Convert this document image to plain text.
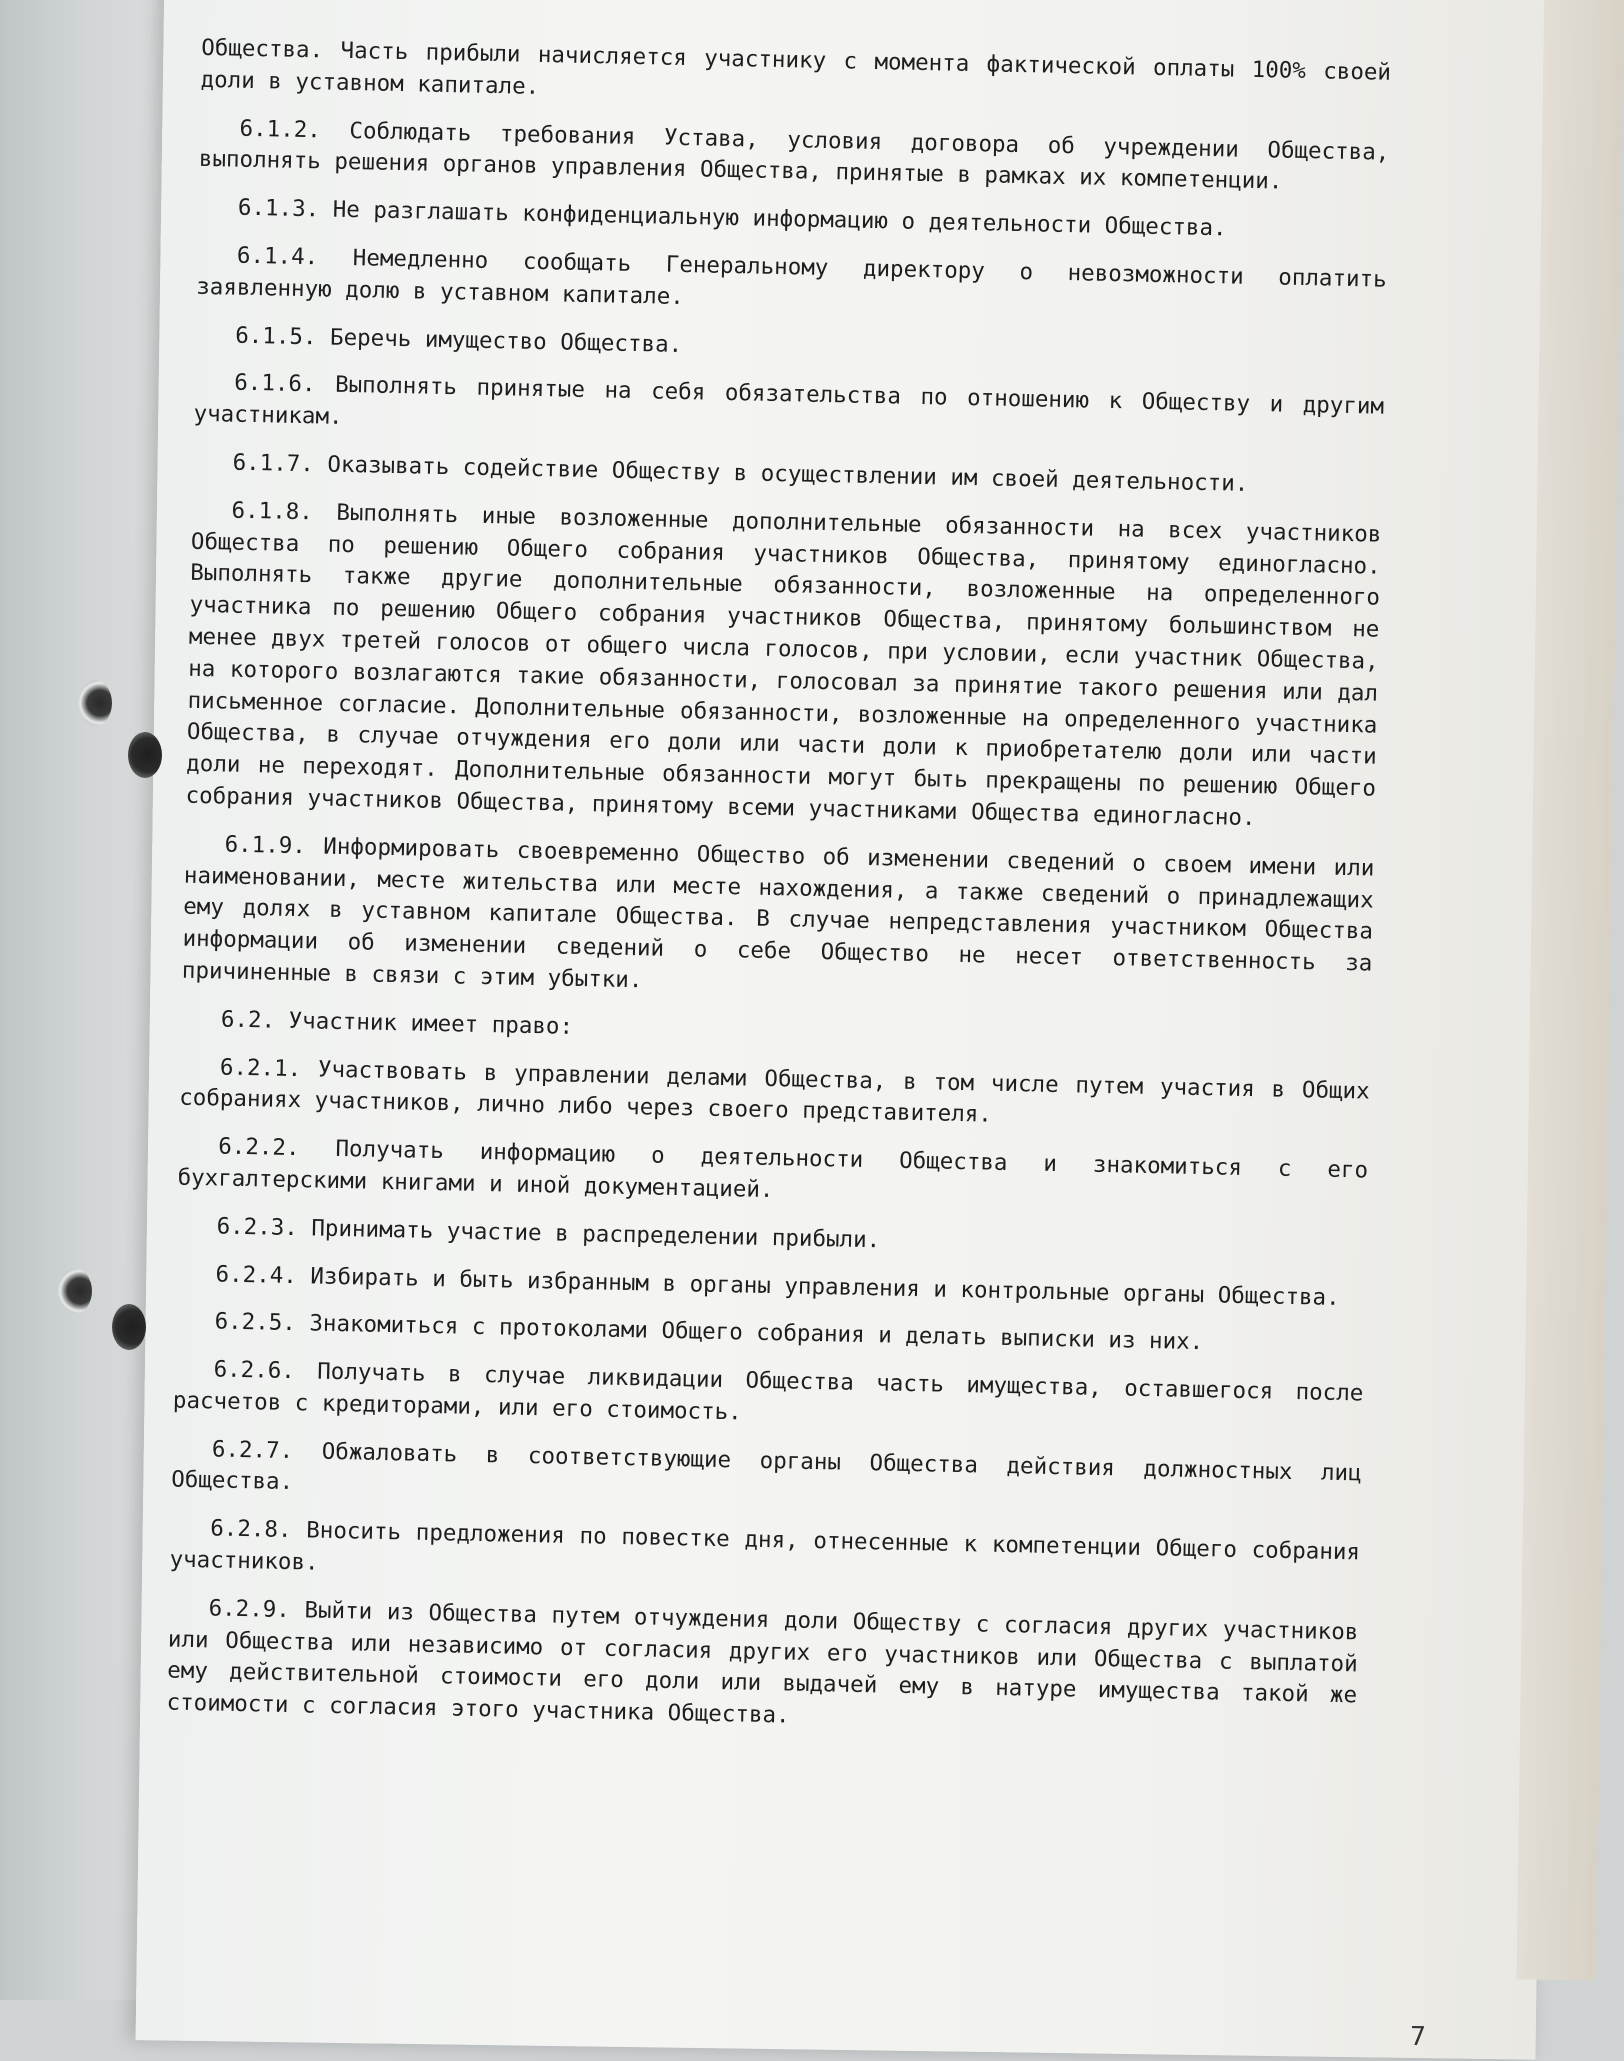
Общества. Часть прибыли начисляется участнику с момента фактической оплаты 100% своей доли в уставном капитале.

6.1.2. Соблюдать требования Устава, условия договора об учреждении Общества, выполнять решения органов управления Общества, принятые в рамках их компетенции.

6.1.3. Не разглашать конфиденциальную информацию о деятельности Общества.

6.1.4. Немедленно сообщать Генеральному директору о невозможности оплатить заявленную долю в уставном капитале.

6.1.5. Беречь имущество Общества.

6.1.6. Выполнять принятые на себя обязательства по отношению к Обществу и другим участникам.

6.1.7. Оказывать содействие Обществу в осуществлении им своей деятельности.

6.1.8. Выполнять иные возложенные дополнительные обязанности на всех участников Общества по решению Общего собрания участников Общества, принятому единогласно. Выполнять также другие дополнительные обязанности, возложенные на определенного участника по решению Общего собрания участников Общества, принятому большинством не менее двух третей голосов от общего числа голосов, при условии, если участник Общества, на которого возлагаются такие обязанности, голосовал за принятие такого решения или дал письменное согласие. Дополнительные обязанности, возложенные на определенного участника Общества, в случае отчуждения его доли или части доли к приобретателю доли или части доли не переходят. Дополнительные обязанности могут быть прекращены по решению Общего собрания участников Общества, принятому всеми участниками Общества единогласно.

6.1.9. Информировать своевременно Общество об изменении сведений о своем имени или наименовании, месте жительства или месте нахождения, а также сведений о принадлежащих ему долях в уставном капитале Общества. В случае непредставления участником Общества информации об изменении сведений о себе Общество не несет ответственность за причиненные в связи с этим убытки.

6.2. Участник имеет право:

6.2.1. Участвовать в управлении делами Общества, в том числе путем участия в Общих собраниях участников, лично либо через своего представителя.

6.2.2. Получать информацию о деятельности Общества и знакомиться с его бухгалтерскими книгами и иной документацией.

6.2.3. Принимать участие в распределении прибыли.

6.2.4. Избирать и быть избранным в органы управления и контрольные органы Общества.

6.2.5. Знакомиться с протоколами Общего собрания и делать выписки из них.

6.2.6. Получать в случае ликвидации Общества часть имущества, оставшегося после расчетов с кредиторами, или его стоимость.

6.2.7. Обжаловать в соответствующие органы Общества действия должностных лиц Общества.

6.2.8. Вносить предложения по повестке дня, отнесенные к компетенции Общего собрания участников.

6.2.9. Выйти из Общества путем отчуждения доли Обществу с согласия других участников или Общества или независимо от согласия других его участников или Общества с выплатой ему действительной стоимости его доли или выдачей ему в натуре имущества такой же стоимости с согласия этого участника Общества.

7
